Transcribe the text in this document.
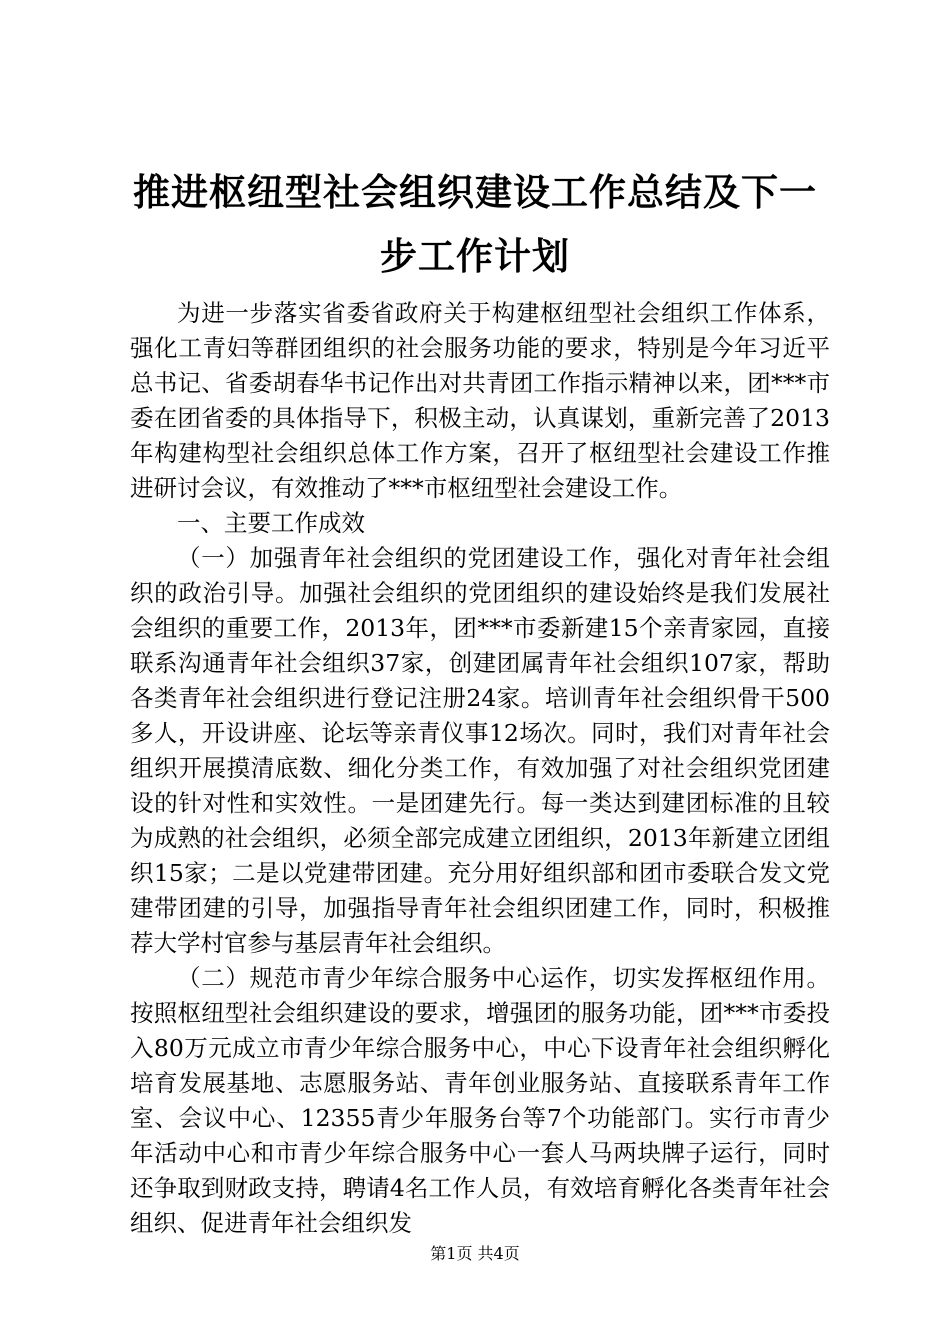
推进枢纽型社会组织建设工作总结及下一步工作计划

为进一步落实省委省政府关于构建枢纽型社会组织工作体系，强化工青妇等群团组织的社会服务功能的要求，特别是今年习近平总书记、省委胡春华书记作出对共青团工作指示精神以来，团***市委在团省委的具体指导下，积极主动，认真谋划，重新完善了2013年构建构型社会组织总体工作方案，召开了枢纽型社会建设工作推进研讨会议，有效推动了***市枢纽型社会建设工作。

一、主要工作成效

（一）加强青年社会组织的党团建设工作，强化对青年社会组织的政治引导。加强社会组织的党团组织的建设始终是我们发展社会组织的重要工作，2013年，团***市委新建15个亲青家园，直接联系沟通青年社会组织37家，创建团属青年社会组织107家，帮助各类青年社会组织进行登记注册24家。培训青年社会组织骨干500多人，开设讲座、论坛等亲青仪事12场次。同时，我们对青年社会组织开展摸清底数、细化分类工作，有效加强了对社会组织党团建设的针对性和实效性。一是团建先行。每一类达到建团标准的且较为成熟的社会组织，必须全部完成建立团组织，2013年新建立团组织15家；二是以党建带团建。充分用好组织部和团市委联合发文党建带团建的引导，加强指导青年社会组织团建工作，同时，积极推荐大学村官参与基层青年社会组织。

（二）规范市青少年综合服务中心运作，切实发挥枢纽作用。按照枢纽型社会组织建设的要求，增强团的服务功能，团***市委投入80万元成立市青少年综合服务中心，中心下设青年社会组织孵化培育发展基地、志愿服务站、青年创业服务站、直接联系青年工作室、会议中心、12355青少年服务台等7个功能部门。实行市青少年活动中心和市青少年综合服务中心一套人马两块牌子运行，同时还争取到财政支持，聘请4名工作人员，有效培育孵化各类青年社会组织、促进青年社会组织发

第1页 共4页
